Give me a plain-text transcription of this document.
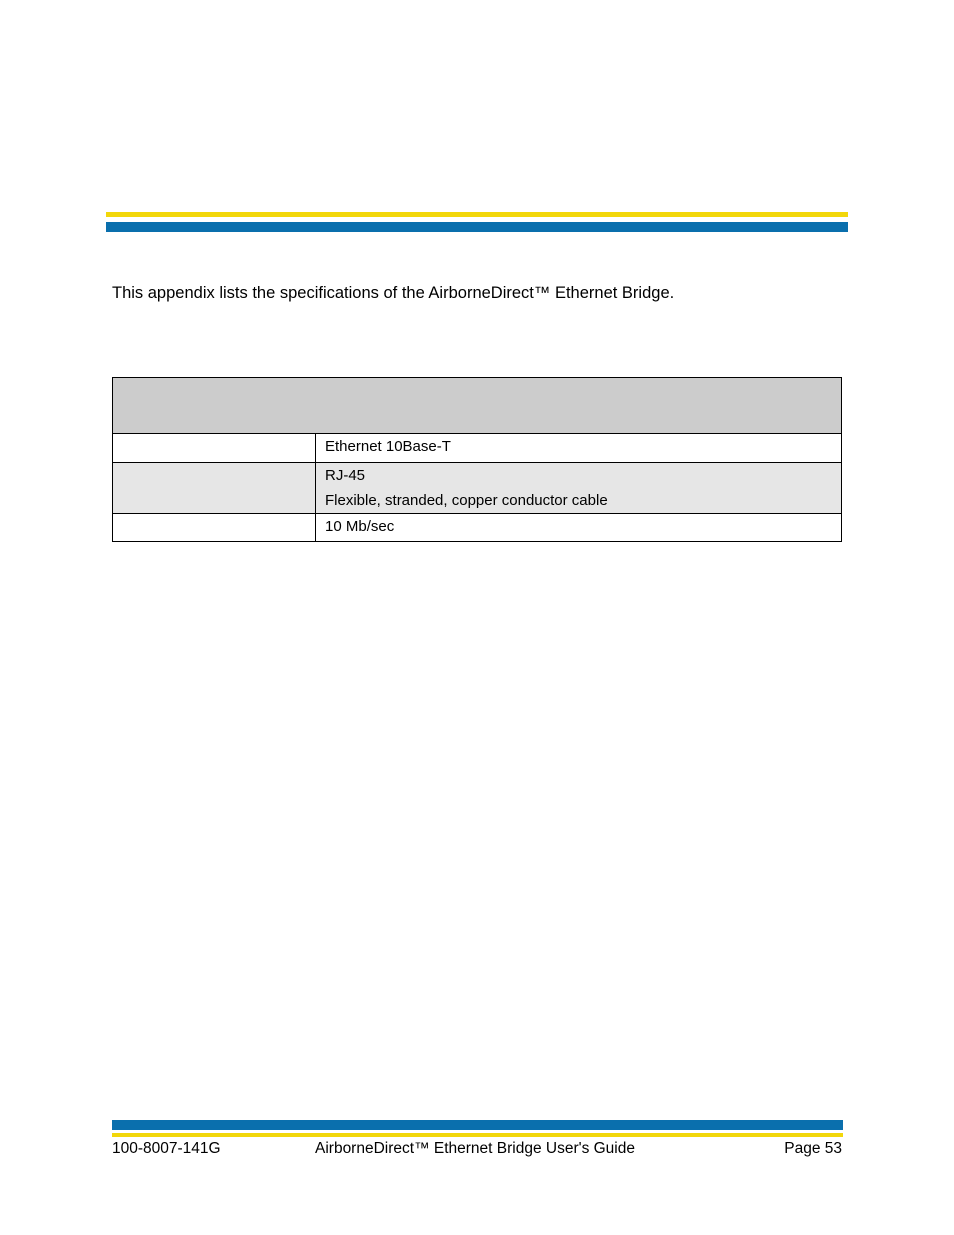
This appendix lists the specifications of the AirborneDirect™ Ethernet Bridge.

	Ethernet 10Base-T
	RJ-45
Flexible, stranded, copper conductor cable

	10 Mb/sec
100-8007-141G	AirborneDirect™ Ethernet Bridge User's Guide	Page 53
